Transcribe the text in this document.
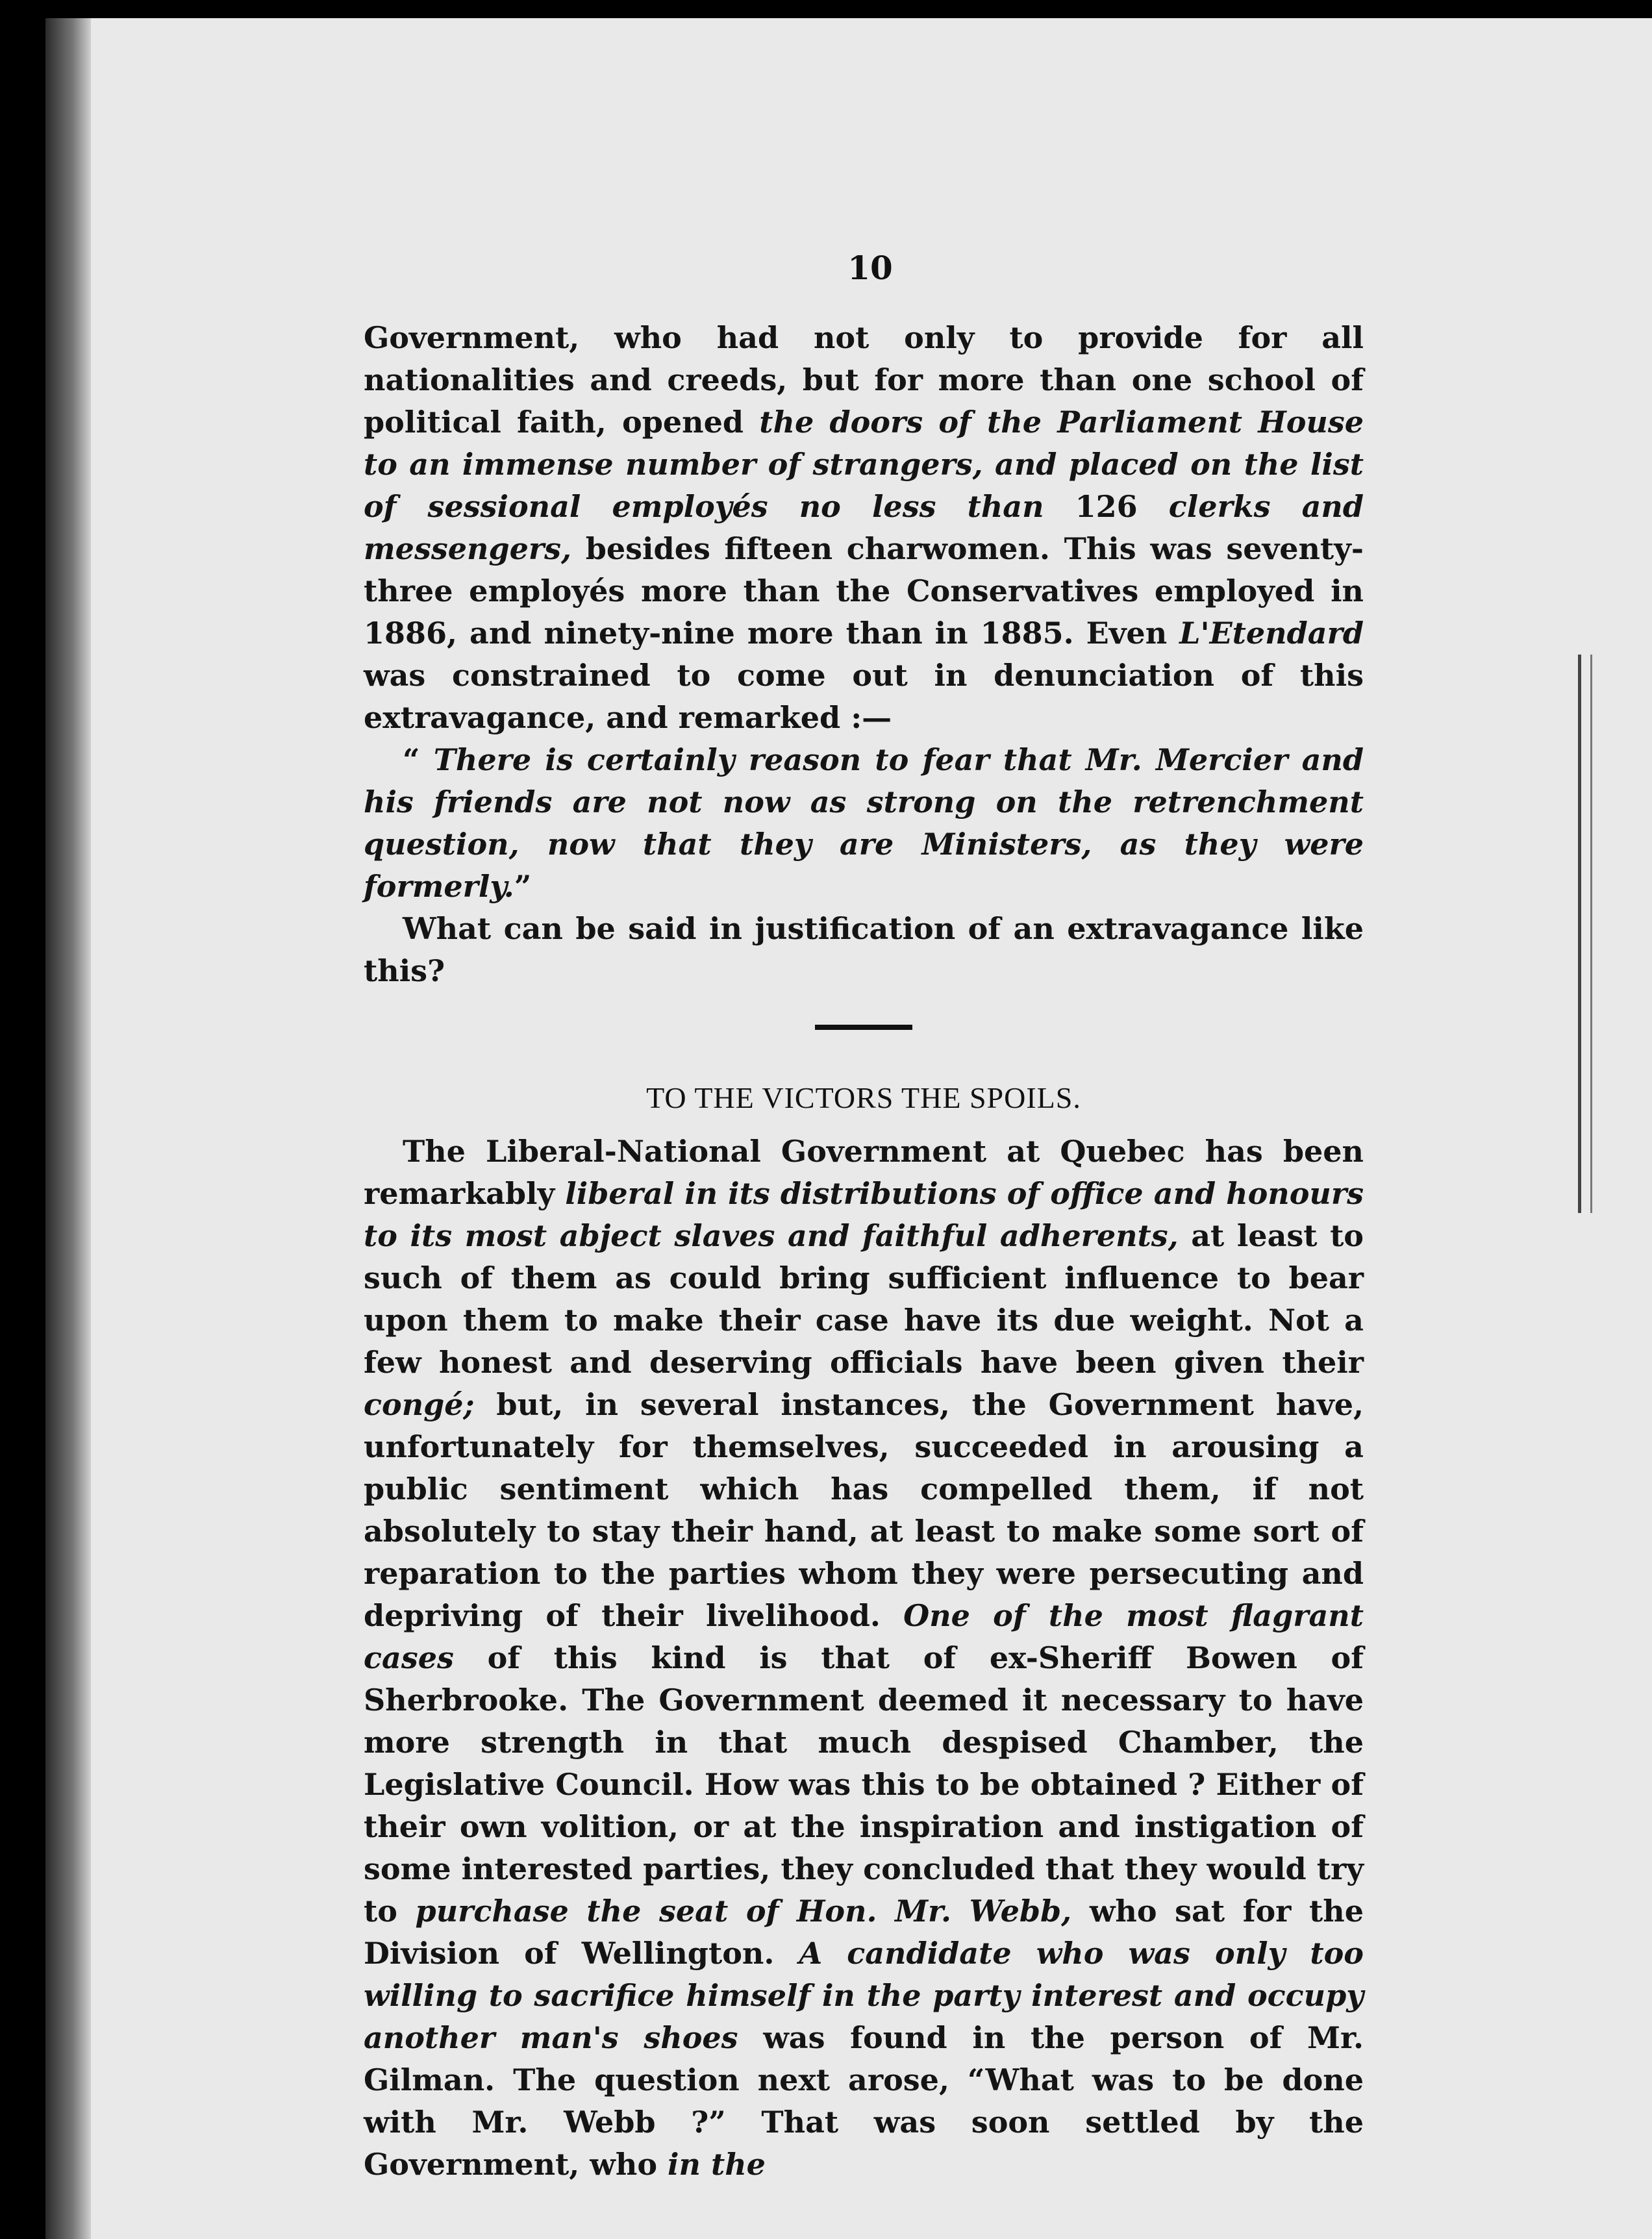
10

Government, who had not only to provide for all nationalities and creeds, but for more than one school of political faith, opened the doors of the Parliament House to an immense number of strangers, and placed on the list of sessional employés no less than 126 clerks and messengers, besides fifteen charwomen. This was seventy-three employés more than the Conservatives employed in 1886, and ninety-nine more than in 1885. Even L'Etendard was constrained to come out in denunciation of this extravagance, and remarked :—

“ There is certainly reason to fear that Mr. Mercier and his friends are not now as strong on the retrenchment question, now that they are Ministers, as they were formerly.”

What can be said in justification of an extravagance like this?

TO THE VICTORS THE SPOILS.

The Liberal-National Government at Quebec has been remarkably liberal in its distributions of office and honours to its most abject slaves and faithful adherents, at least to such of them as could bring sufficient influence to bear upon them to make their case have its due weight. Not a few honest and deserving officials have been given their congé; but, in several instances, the Government have, unfortunately for themselves, succeeded in arousing a public sentiment which has compelled them, if not absolutely to stay their hand, at least to make some sort of reparation to the parties whom they were persecuting and depriving of their livelihood. One of the most flagrant cases of this kind is that of ex-Sheriff Bowen of Sherbrooke. The Government deemed it necessary to have more strength in that much despised Chamber, the Legislative Council. How was this to be obtained ? Either of their own volition, or at the inspiration and instigation of some interested parties, they concluded that they would try to purchase the seat of Hon. Mr. Webb, who sat for the Division of Wellington. A candidate who was only too willing to sacrifice himself in the party interest and occupy another man's shoes was found in the person of Mr. Gilman. The question next arose, “What was to be done with Mr. Webb ?” That was soon settled by the Government, who in the
